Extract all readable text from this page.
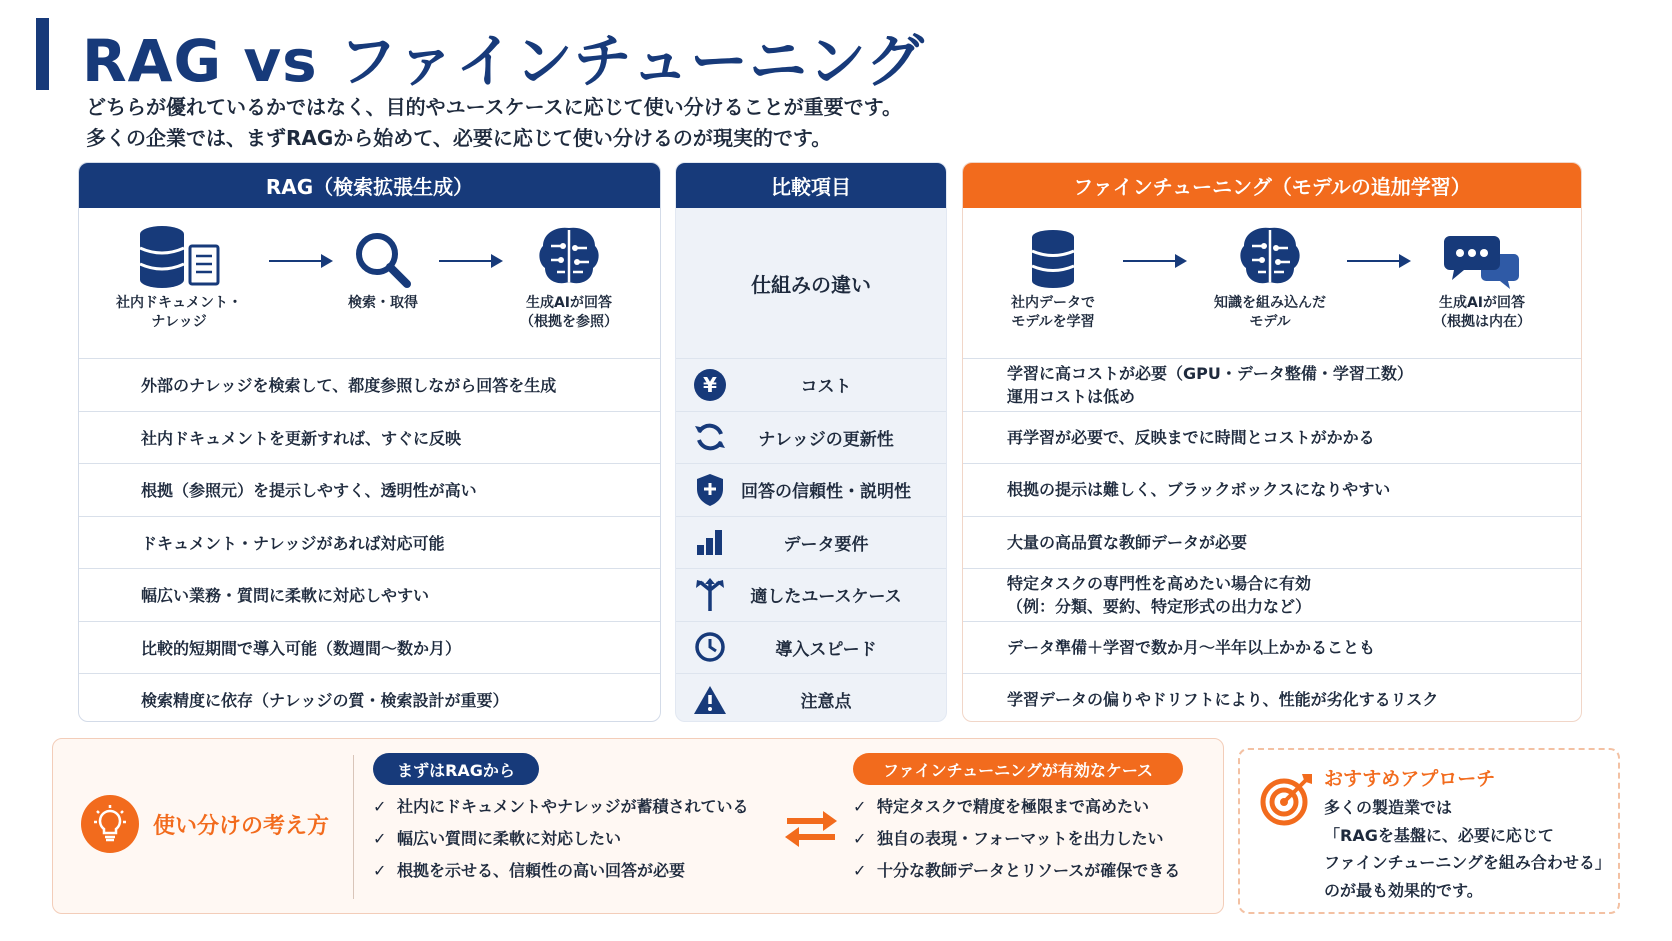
RAG vs ファインチューニング
どちらが優れているかではなく、目的やユースケースに応じて使い分けることが重要です。
多くの企業では、まずRAGから始めて、必要に応じて使い分けるのが現実的です。
RAG（検索拡張生成）
社内ドキュメント・
ナレッジ
検索・取得	生成AIが回答
（根拠を参照）
外部のナレッジを検索して、都度参照しながら回答を生成
社内ドキュメントを更新すれば、すぐに反映
根拠（参照元）を提示しやすく、透明性が高い
ドキュメント・ナレッジがあれば対応可能
幅広い業務・質問に柔軟に対応しやすい
比較的短期間で導入可能（数週間〜数か月）
検索精度に依存（ナレッジの質・検索設計が重要）
比較項目
仕組みの違い
¥	コスト
ナレッジの更新性
回答の信頼性・説明性
データ要件
適したユースケース
導入スピード
注意点
ファインチューニング（モデルの追加学習）
社内データで
モデルを学習
知識を組み込んだ
モデル
生成AIが回答
（根拠は内在）
学習に高コストが必要（GPU・データ整備・学習工数）
運用コストは低め
再学習が必要で、反映までに時間とコストがかかる
根拠の提示は難しく、ブラックボックスになりやすい
大量の高品質な教師データが必要
特定タスクの専門性を高めたい場合に有効
（例：分類、要約、特定形式の出力など）
データ準備＋学習で数か月〜半年以上かかることも
学習データの偏りやドリフトにより、性能が劣化するリスク
使い分けの考え方
まずはRAGから
✓ 社内にドキュメントやナレッジが蓄積されている
✓ 幅広い質問に柔軟に対応したい
✓ 根拠を示せる、信頼性の高い回答が必要
ファインチューニングが有効なケース
✓ 特定タスクで精度を極限まで高めたい
✓ 独自の表現・フォーマットを出力したい
✓ 十分な教師データとリソースが確保できる
おすすめアプローチ
多くの製造業では
「RAGを基盤に、必要に応じて
ファインチューニングを組み合わせる」
のが最も効果的です。
